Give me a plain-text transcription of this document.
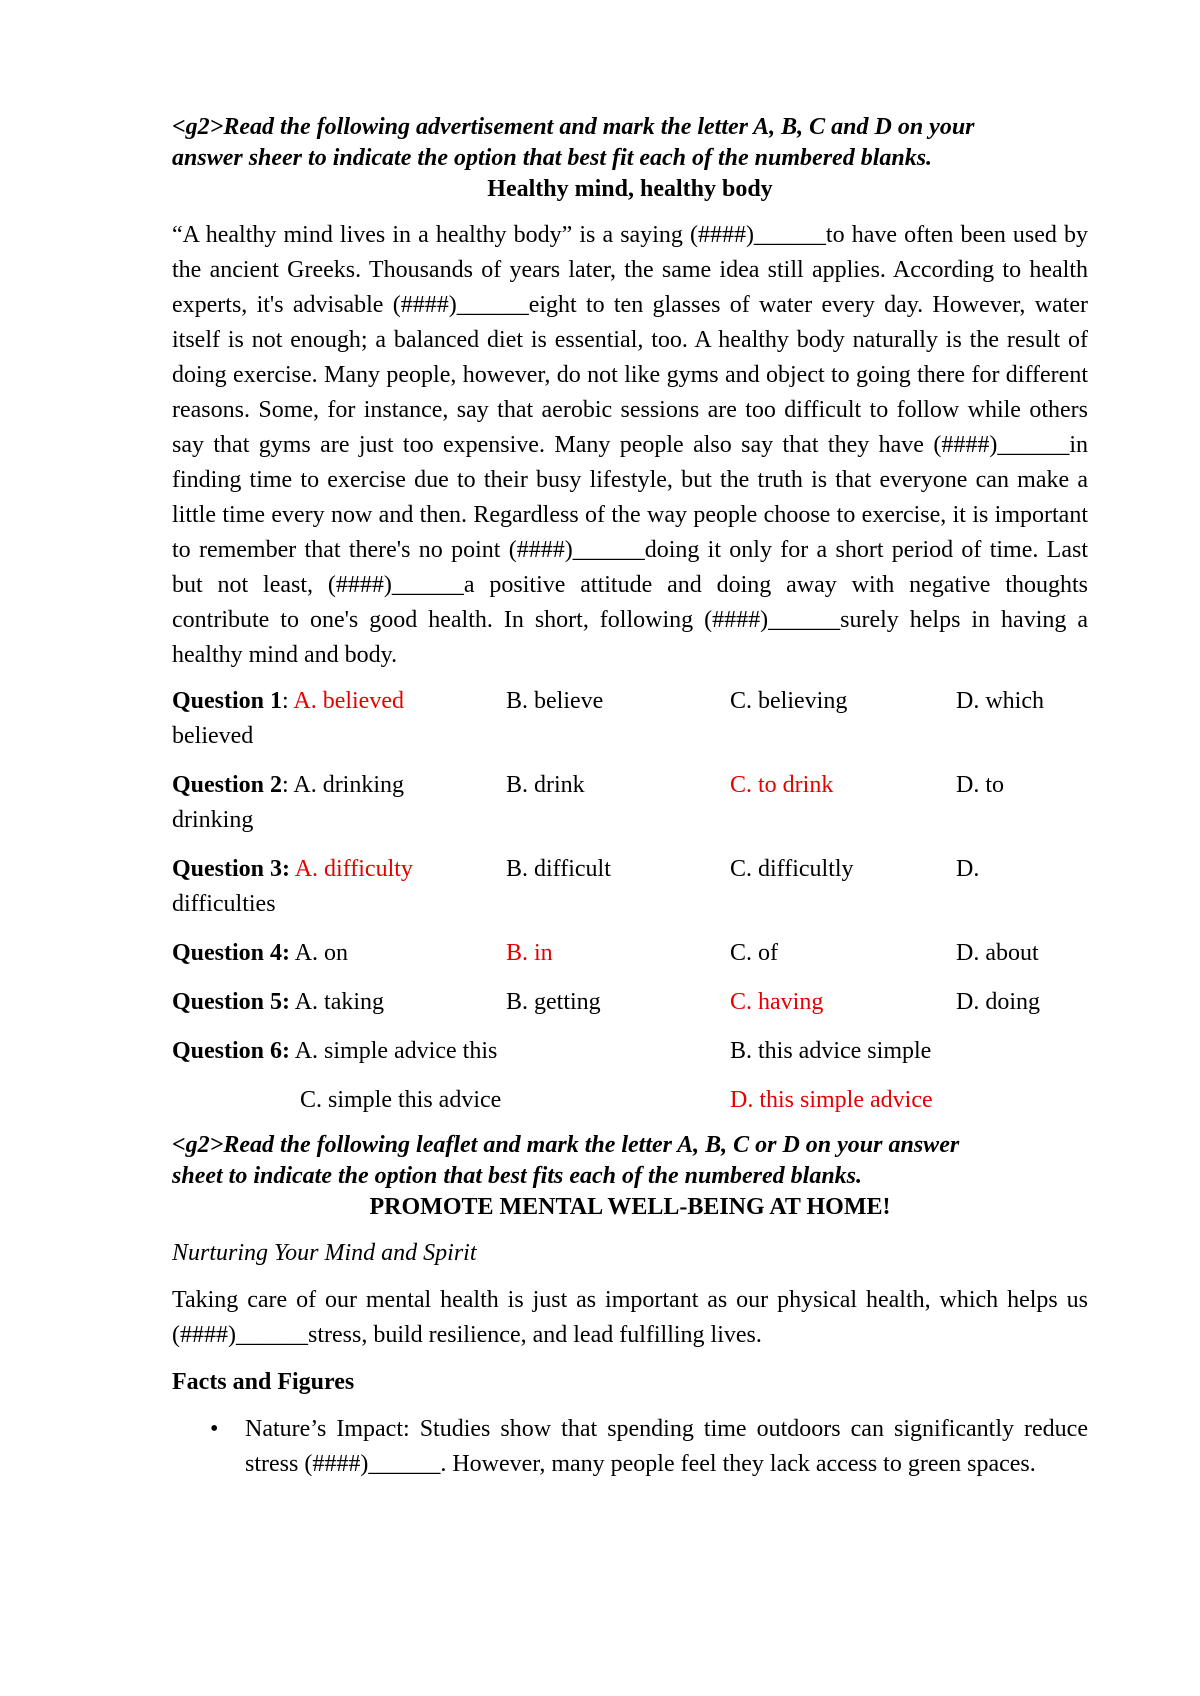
<g2>Read the following advertisement and mark the letter A, B, C and D on your
answer sheer to indicate the option that best fit each of the numbered blanks.
Healthy mind, healthy body

“A healthy mind lives in a healthy body” is a saying (####)______to have often been used by the ancient Greeks. Thousands of years later, the same idea still applies. According to health experts, it's advisable (####)______eight to ten glasses of water every day. However, water itself is not enough; a balanced diet is essential, too. A healthy body naturally is the result of doing exercise. Many people, however, do not like gyms and object to going there for different reasons. Some, for instance, say that aerobic sessions are too difficult to follow while others say that gyms are just too expensive. Many people also say that they have (####)______in finding time to exercise due to their busy lifestyle, but the truth is that everyone can make a little time every now and then. Regardless of the way people choose to exercise, it is important to remember that there's no point (####)______doing it only for a short period of time. Last but not least, (####)______a positive attitude and doing away with negative thoughts contribute to one's good health. In short, following (####)______surely helps in having a healthy mind and body.

Question 1: A. believed	B. believe	C. believing	D. which
believed
Question 2: A. drinking	B. drink	C. to drink	D. to
drinking
Question 3: A. difficulty	B. difficult	C. difficultly	D.
difficulties
Question 4: A. on	B. in	C. of	D. about
Question 5: A. taking	B. getting	C. having	D. doing
Question 6: A. simple advice this	B. this advice simple
C. simple this advice	D. this simple advice

<g2>Read the following leaflet and mark the letter A, B, C or D on your answer
sheet to indicate the option that best fits each of the numbered blanks.
PROMOTE MENTAL WELL-BEING AT HOME!

Nurturing Your Mind and Spirit

Taking care of our mental health is just as important as our physical health, which helps us (####)______stress, build resilience, and lead fulfilling lives.

Facts and Figures

• Nature’s Impact: Studies show that spending time outdoors can significantly reduce stress (####)______. However, many people feel they lack access to green spaces.
